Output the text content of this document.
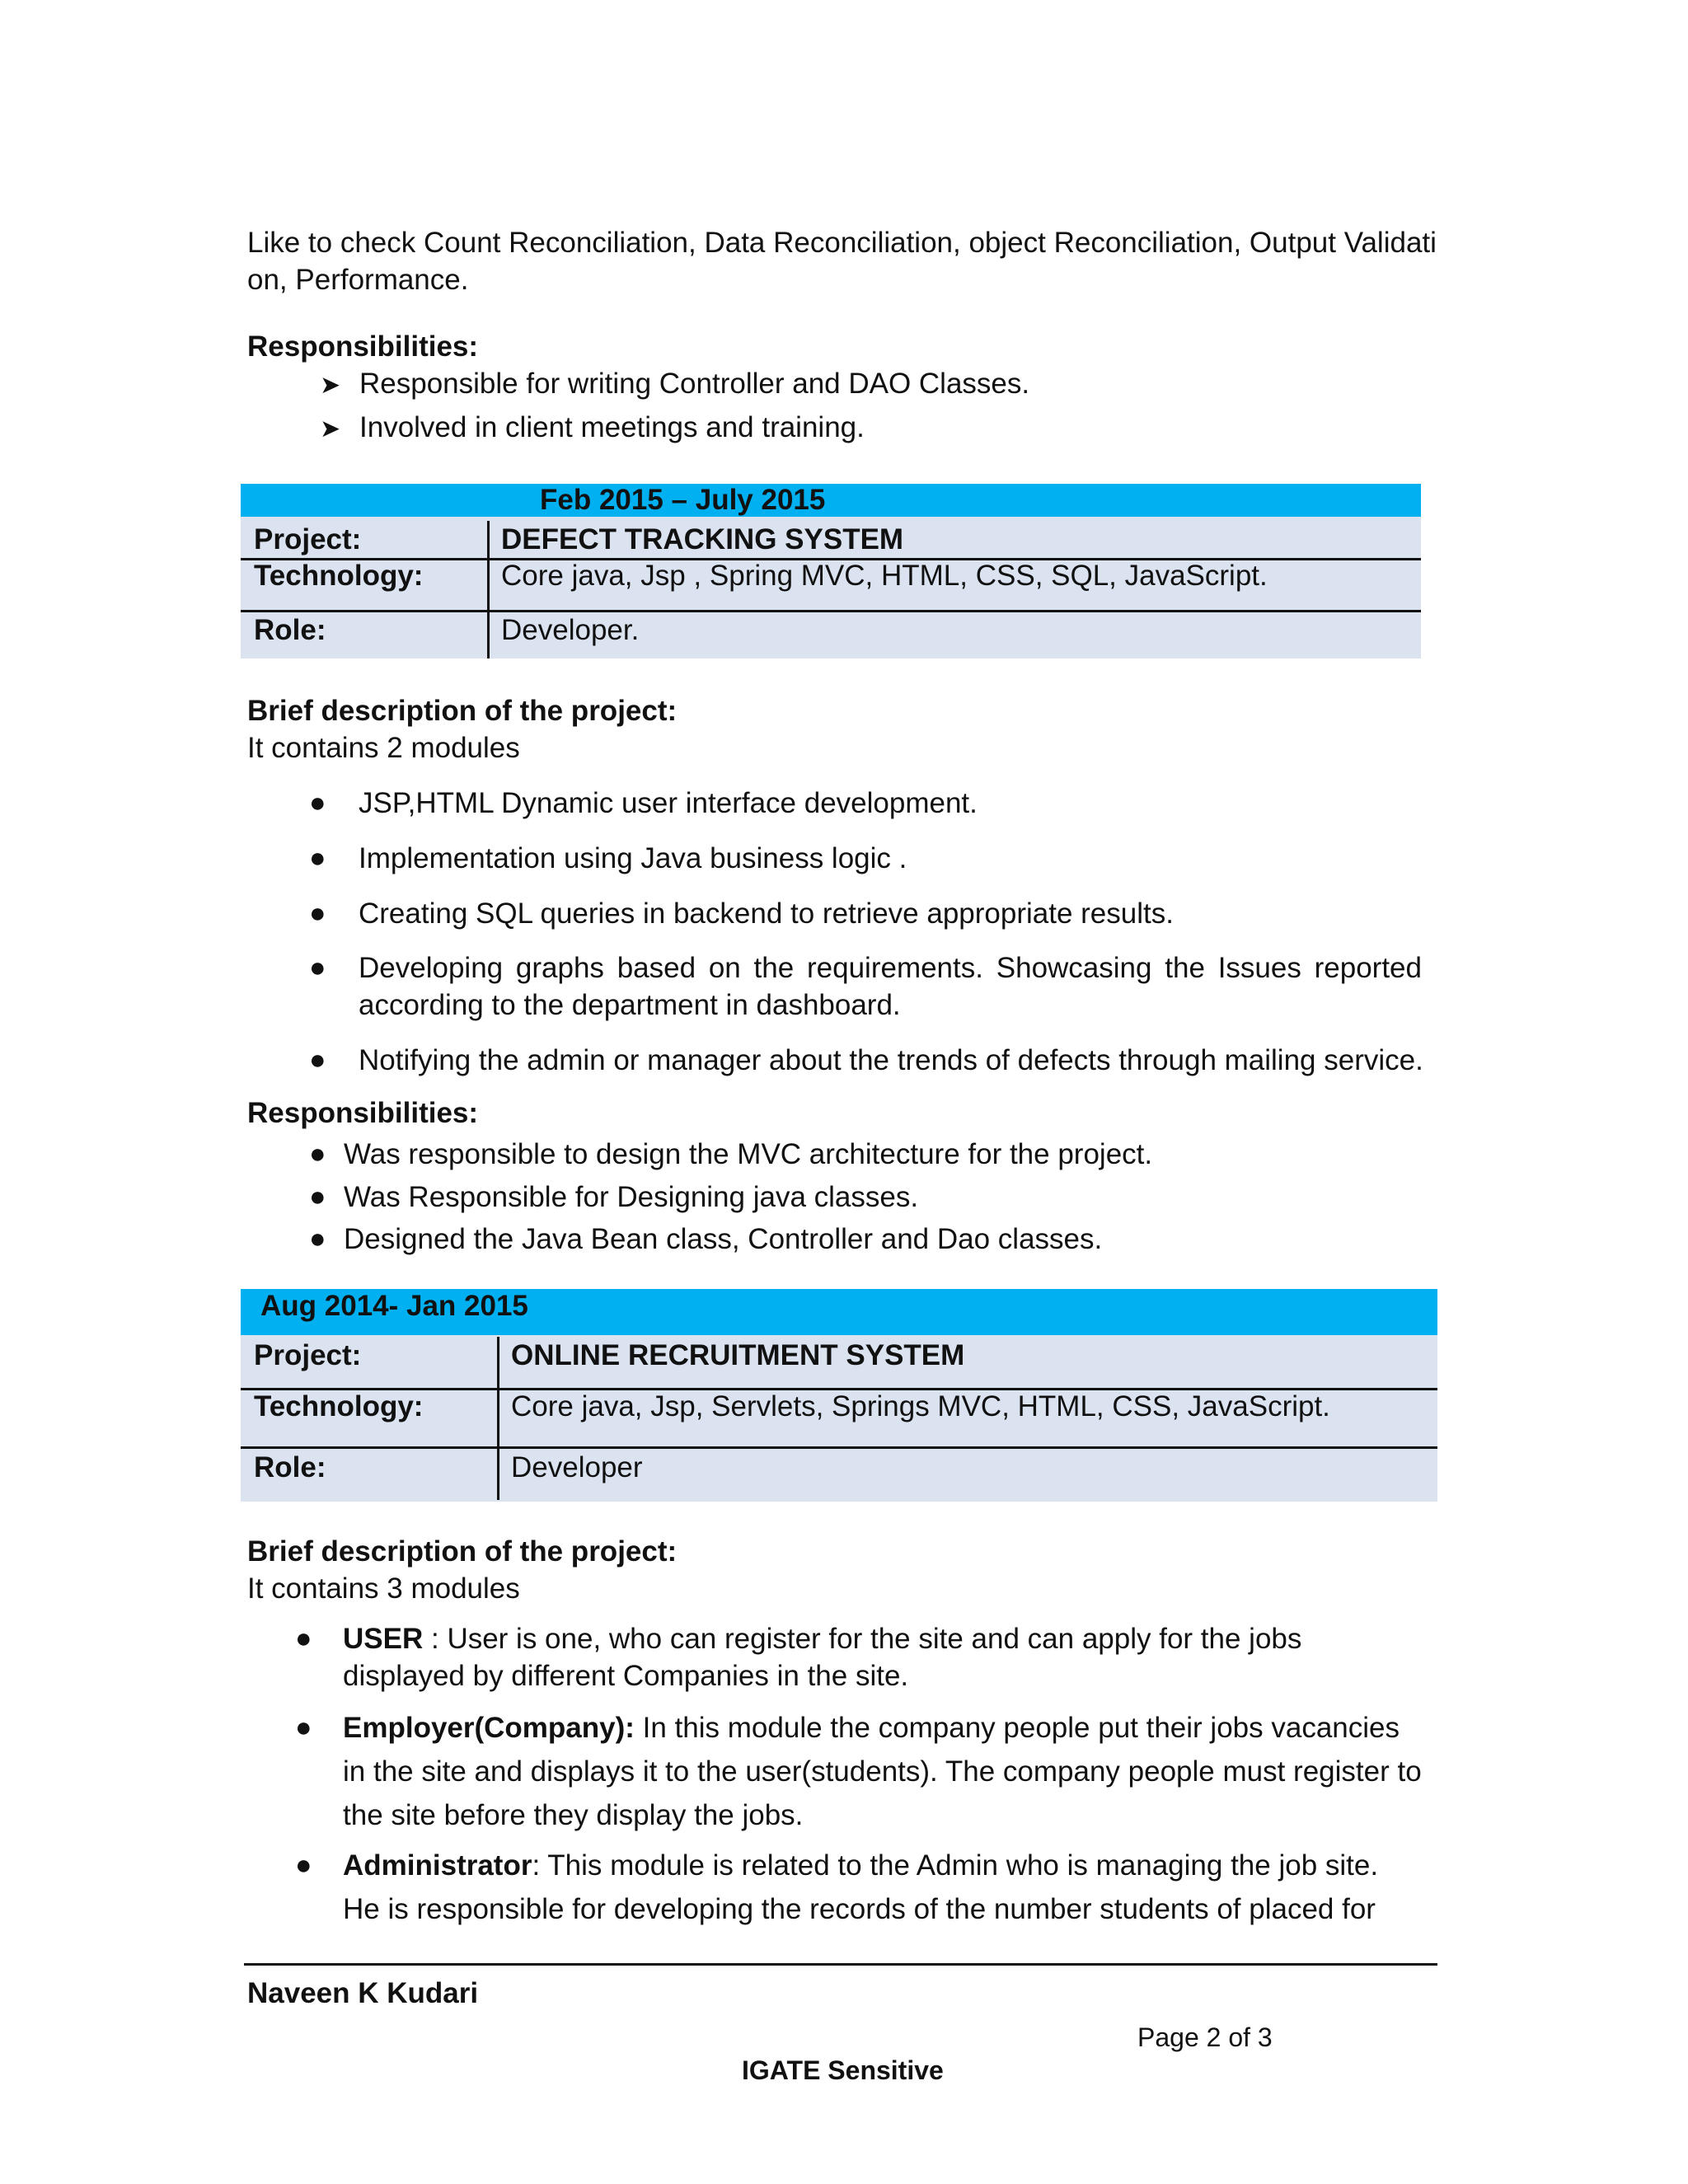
Like to check Count Reconciliation, Data Reconciliation, object Reconciliation, Output Validati on, Performance.
Responsibilities:
➤ Responsible for writing Controller and DAO Classes.
➤ Involved in client meetings and training.
Feb 2015 – July 2015
Project:	DEFECT TRACKING SYSTEM
Technology:	Core java, Jsp , Spring MVC, HTML, CSS, SQL, JavaScript.
Role:	Developer.
Brief description of the project:
It contains 2 modules
●	JSP,HTML Dynamic user interface development.
●	Implementation using Java business logic .
●	Creating SQL queries in backend to retrieve appropriate results.
●	Developing graphs based on the requirements. Showcasing the Issues reported according to the department in dashboard.
●	Notifying the admin or manager about the trends of defects through mailing service.
Responsibilities:
● Was responsible to design the MVC architecture for the project.
● Was Responsible for Designing java classes.
● Designed the Java Bean class, Controller and Dao classes.
Aug 2014- Jan 2015
Project:	ONLINE RECRUITMENT SYSTEM
Technology:	Core java, Jsp, Servlets, Springs MVC, HTML, CSS, JavaScript.
Role:	Developer
Brief description of the project:
It contains 3 modules
●	USER : User is one, who can register for the site and can apply for the jobs displayed by different Companies in the site.
●	Employer(Company): In this module the company people put their jobs vacancies in the site and displays it to the user(students). The company people must register to the site before they display the jobs.
●	Administrator: This module is related to the Admin who is managing the job site. He is responsible for developing the records of the number students of placed for
Naveen K Kudari
Page 2 of 3
IGATE Sensitive
